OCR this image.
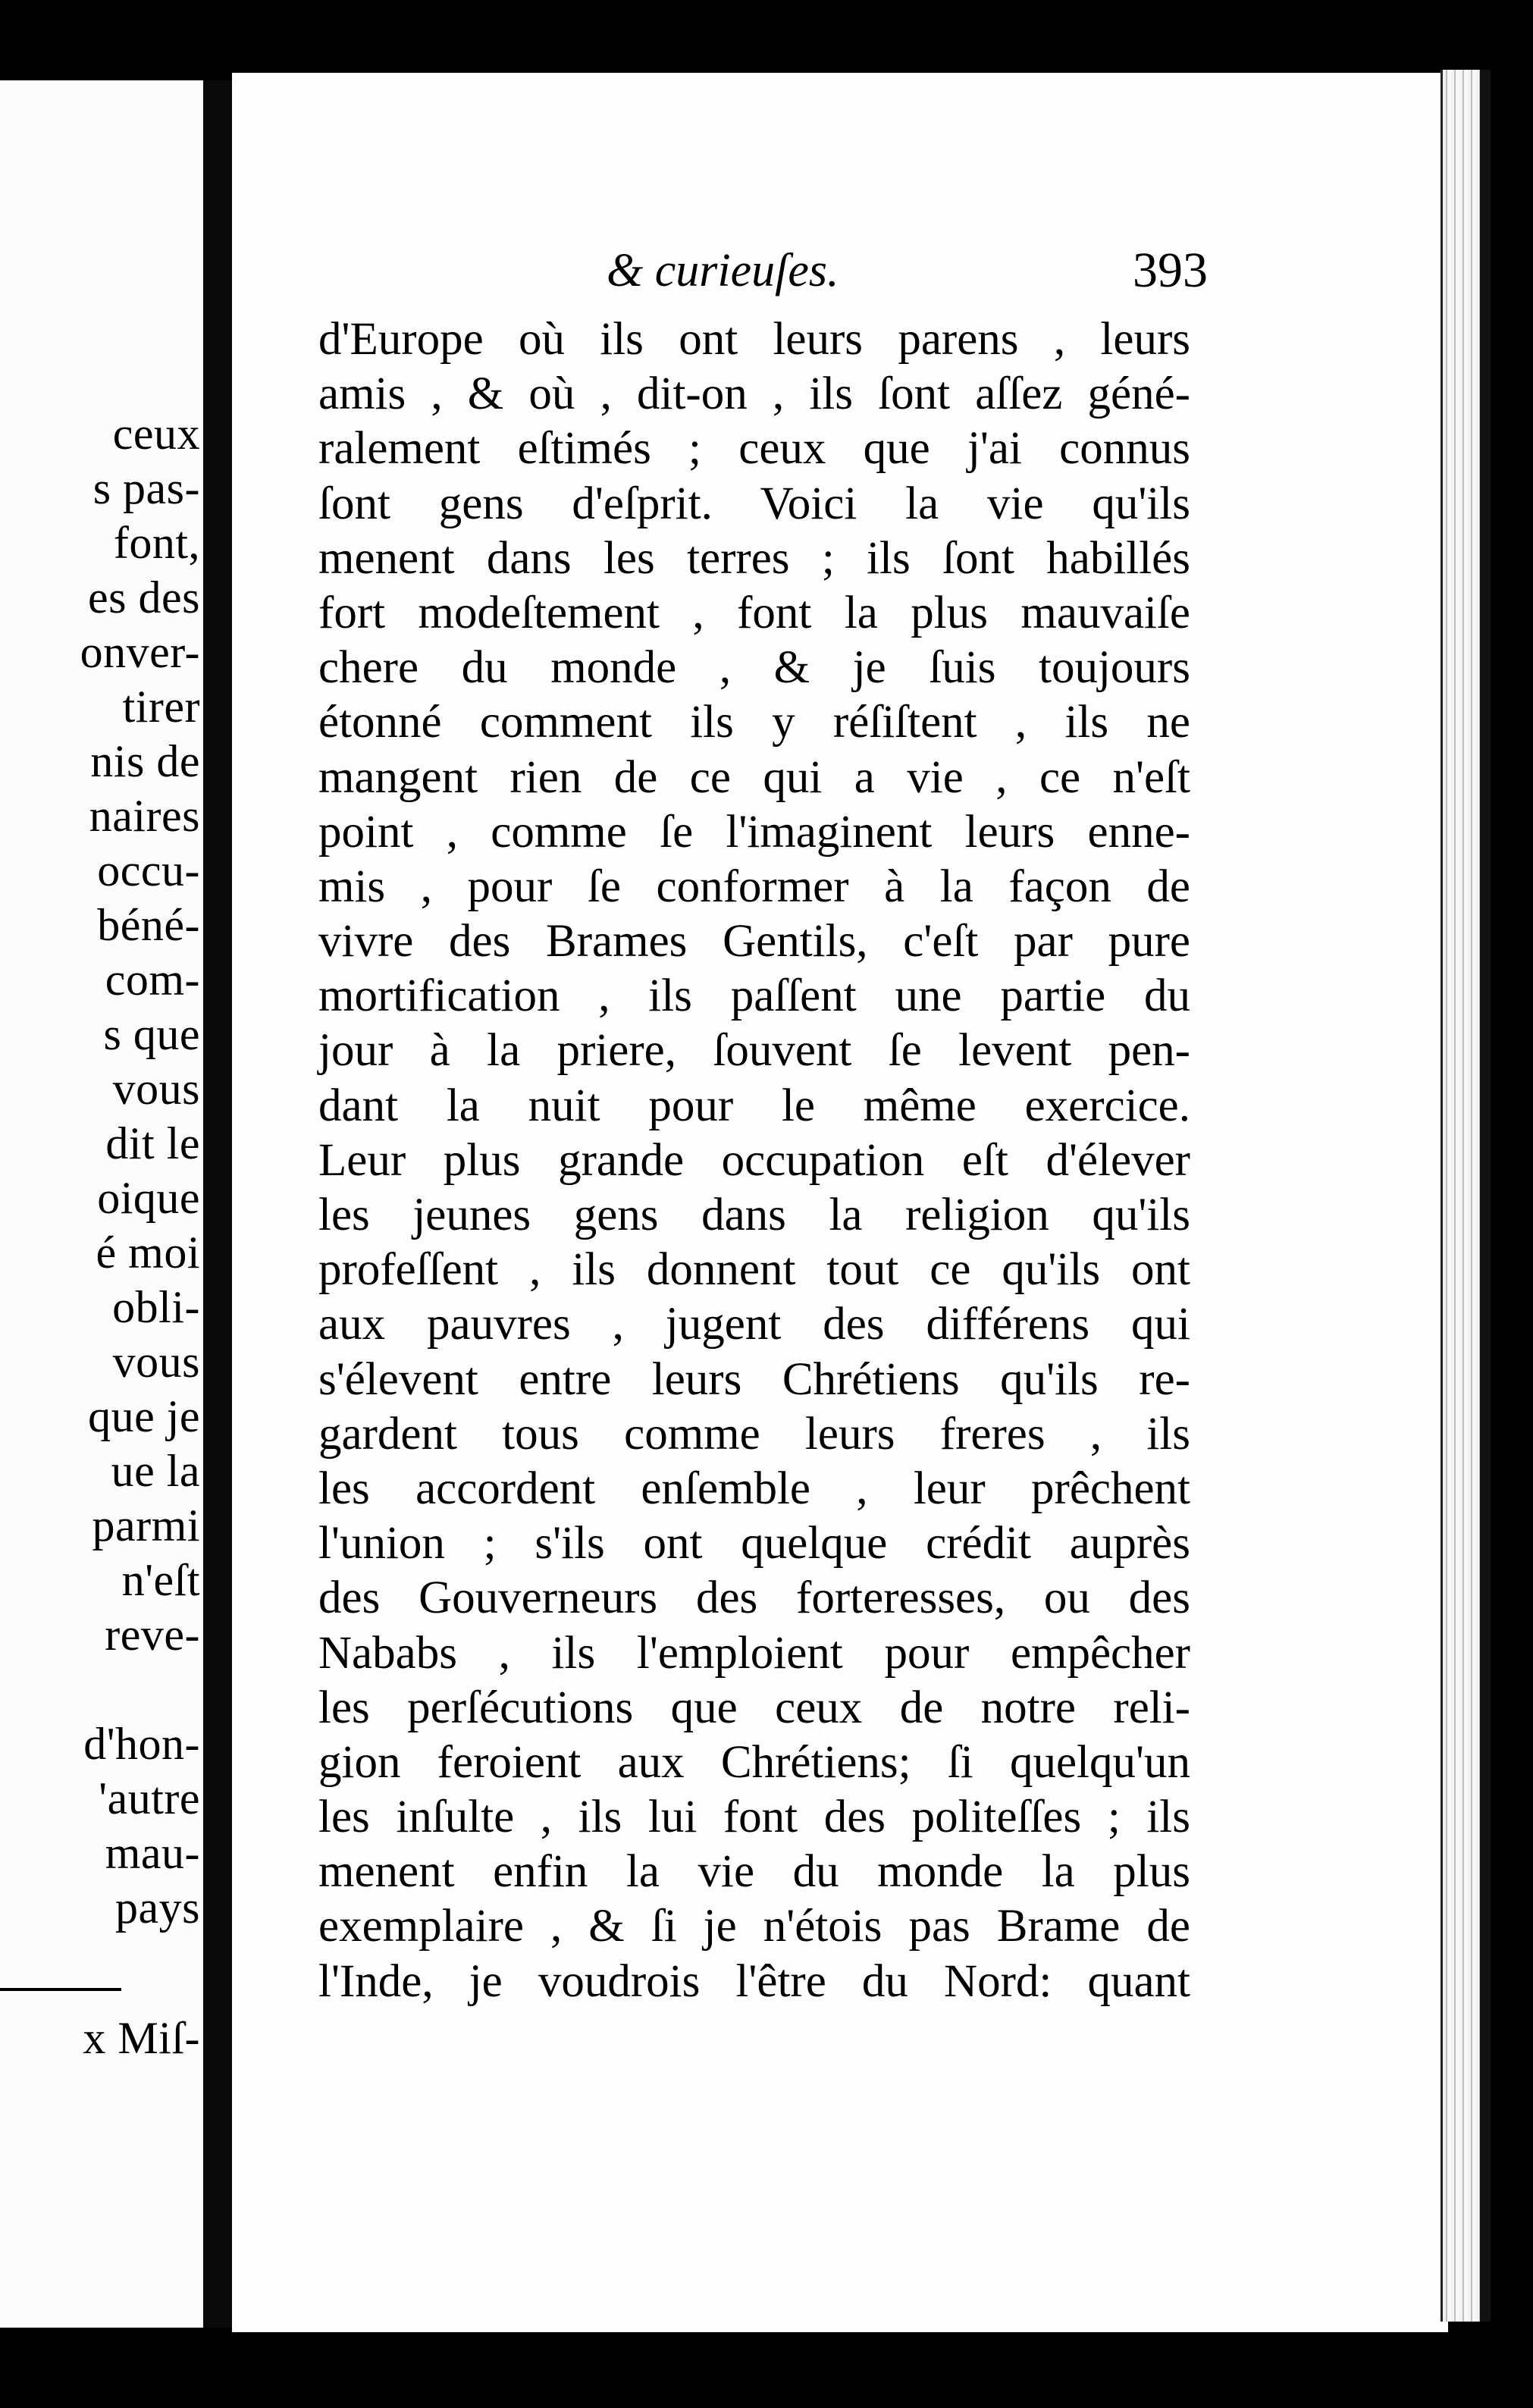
ceux
s pas-
font,
es des
onver-
tirer
nis de
naires
occu-
béné-
com-
s que
vous
dit le
oique
é moi
obli-
vous
que je
ue la
parmi
n'eſt
reve-
d'hon-
'autre
mau-
pays
x Miſ-
& curieuſes.	393
d'Europe où ils ont leurs parens , leurs
amis , & où , dit-on , ils ſont aſſez géné-
ralement eſtimés ; ceux que j'ai connus
ſont gens d'eſprit. Voici la vie qu'ils
menent dans les terres ; ils ſont habillés
fort modeſtement , font la plus mauvaiſe
chere du monde , & je ſuis toujours
étonné comment ils y réſiſtent , ils ne
mangent rien de ce qui a vie , ce n'eſt
point , comme ſe l'imaginent leurs enne-
mis , pour ſe conformer à la façon de
vivre des Brames Gentils, c'eſt par pure
mortification , ils paſſent une partie du
jour à la priere, ſouvent ſe levent pen-
dant la nuit pour le même exercice.
Leur plus grande occupation eſt d'élever
les jeunes gens dans la religion qu'ils
profeſſent , ils donnent tout ce qu'ils ont
aux pauvres , jugent des différens qui
s'élevent entre leurs Chrétiens qu'ils re-
gardent tous comme leurs freres , ils
les accordent enſemble , leur prêchent
l'union ; s'ils ont quelque crédit auprès
des Gouverneurs des forteresses, ou des
Nababs , ils l'emploient pour empêcher
les perſécutions que ceux de notre reli-
gion feroient aux Chrétiens; ſi quelqu'un
les inſulte , ils lui font des politeſſes ; ils
menent enfin la vie du monde la plus
exemplaire , & ſi je n'étois pas Brame de
l'Inde, je voudrois l'être du Nord: quant
